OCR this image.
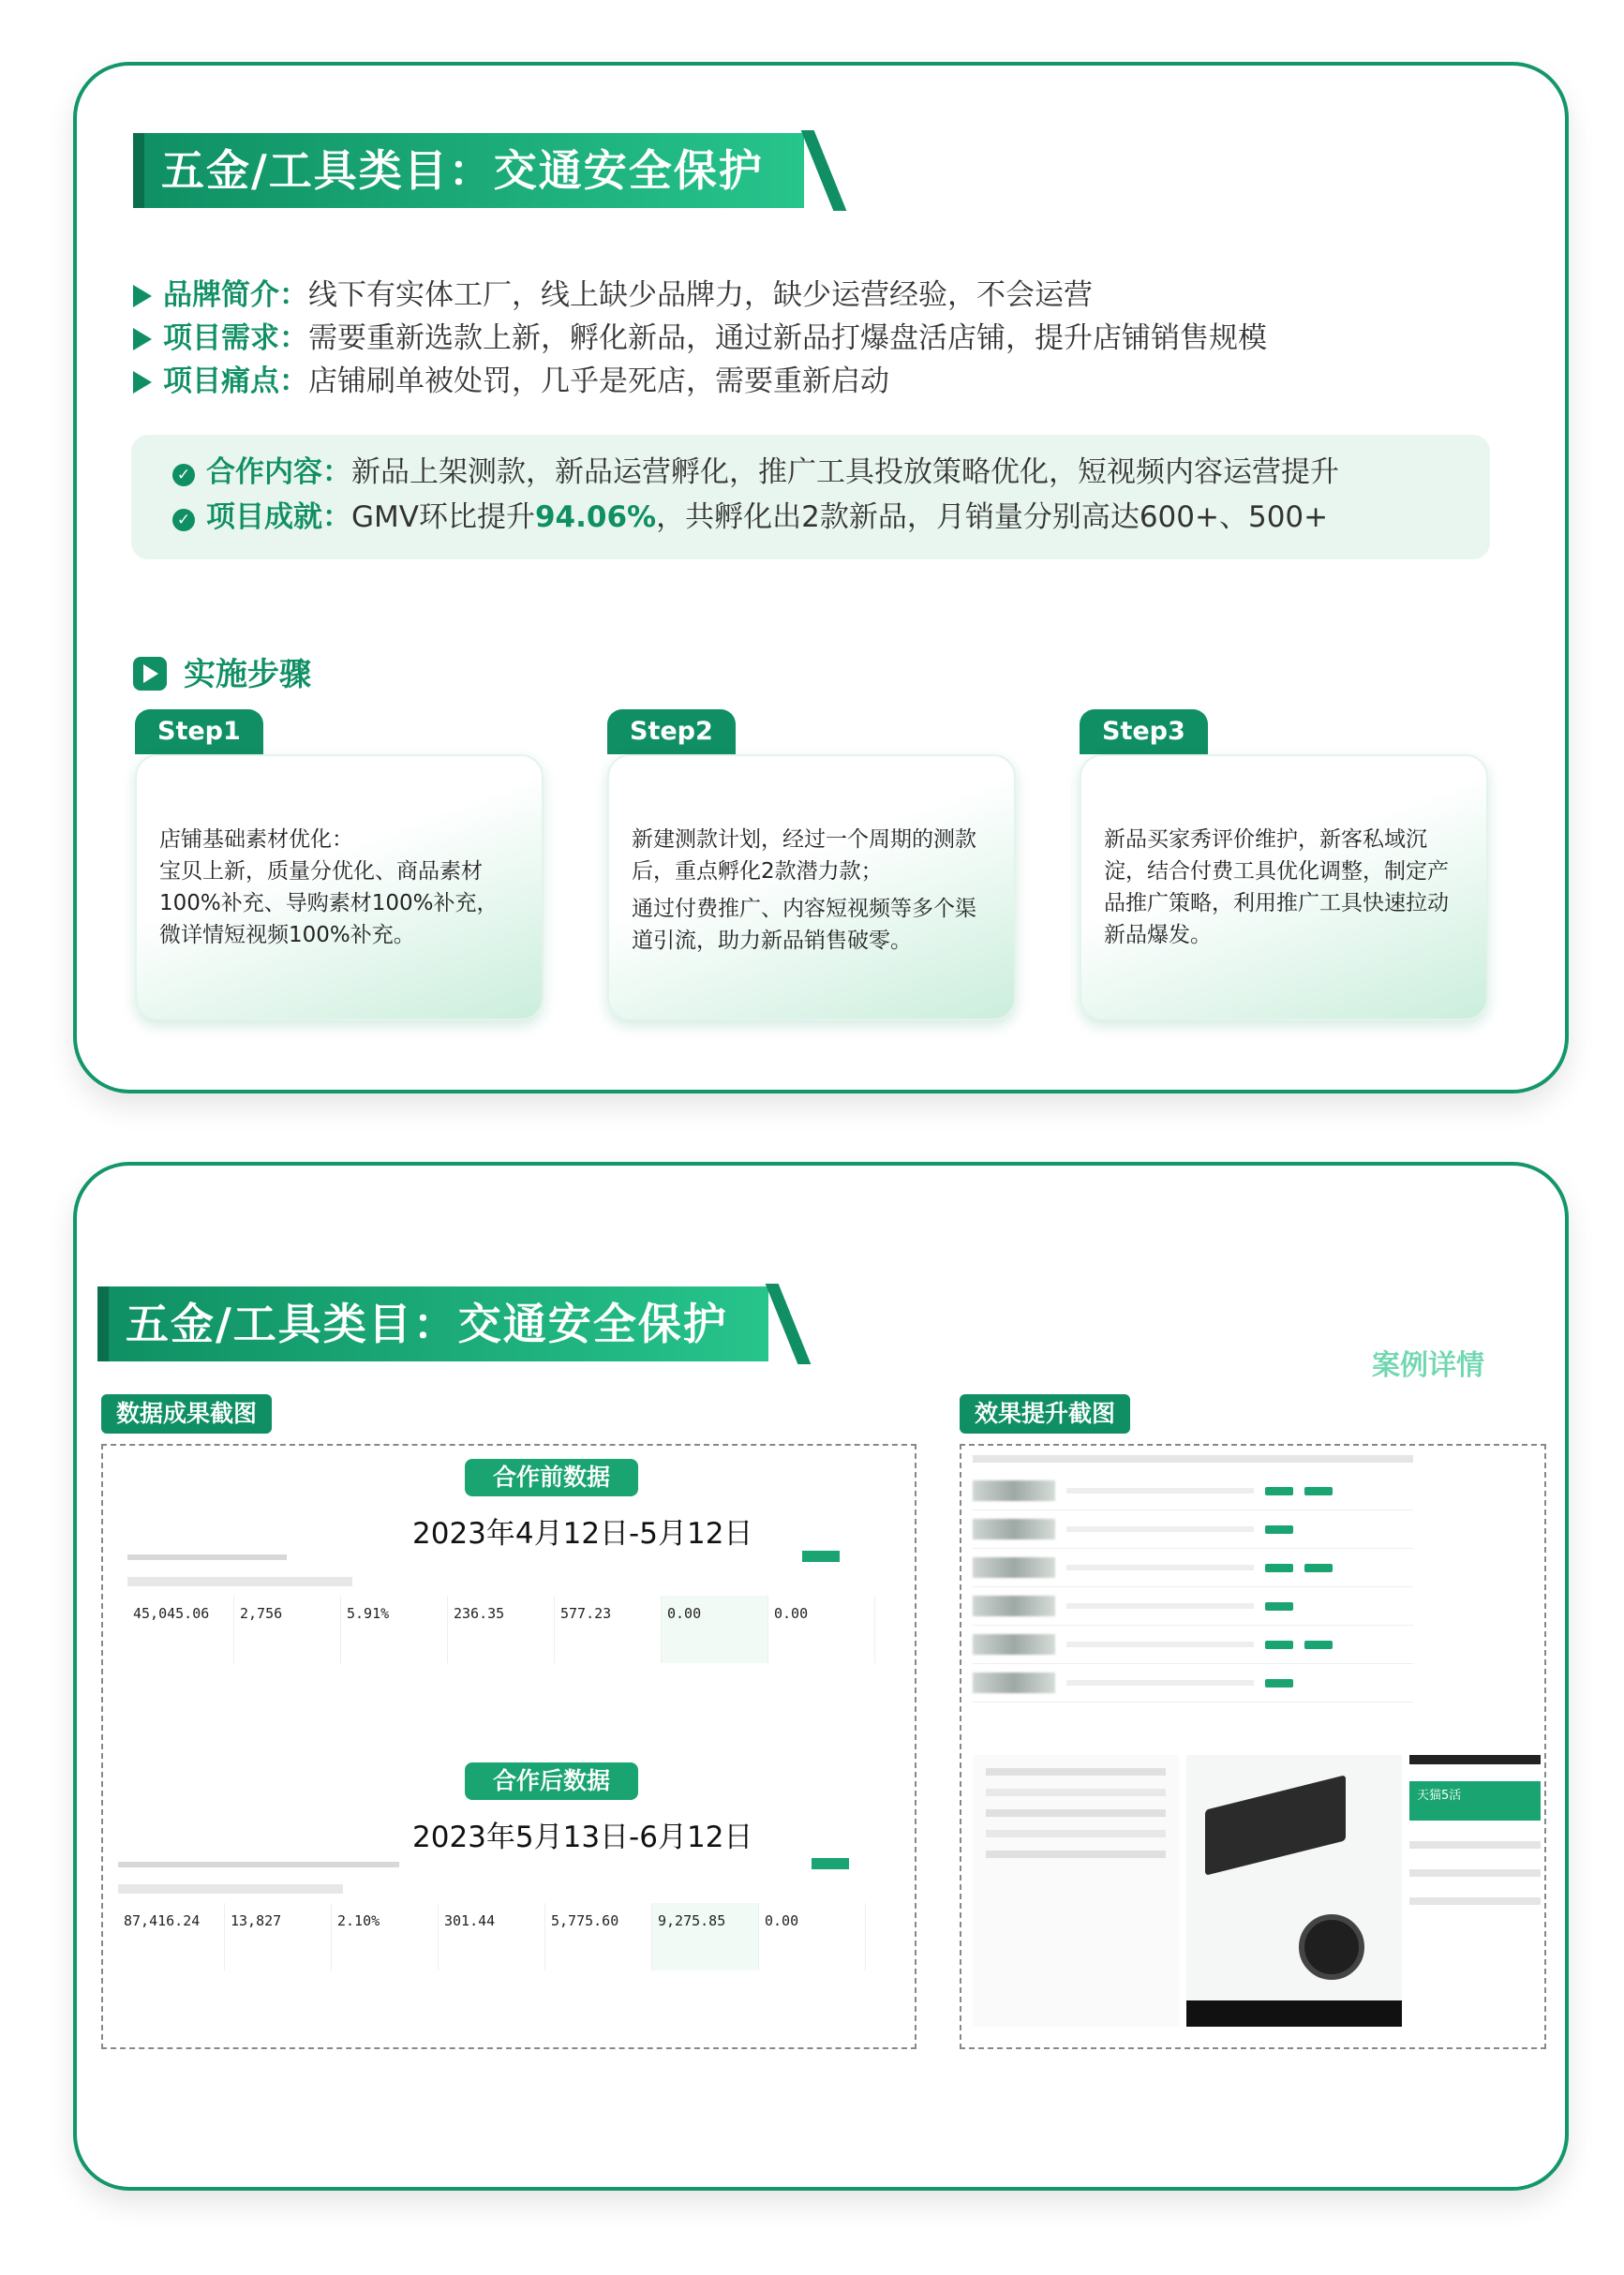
五金/工具类目：交通安全保护
品牌简介：线下有实体工厂，线上缺少品牌力，缺少运营经验，不会运营
项目需求：需要重新选款上新，孵化新品，通过新品打爆盘活店铺，提升店铺销售规模
项目痛点：店铺刷单被处罚，几乎是死店，需要重新启动
✓ 合作内容：新品上架测款，新品运营孵化，推广工具投放策略优化，短视频内容运营提升
✓ 项目成就：GMV环比提升94.06%，共孵化出2款新品，月销量分别高达600+、500+
实施步骤
Step1
店铺基础素材优化：
宝贝上新，质量分优化、商品素材100%补充、导购素材100%补充，微详情短视频100%补充。
Step2
新建测款计划，经过一个周期的测款后，重点孵化2款潜力款；
通过付费推广、内容短视频等多个渠道引流，助力新品销售破零。
Step3
新品买家秀评价维护，新客私域沉淀，结合付费工具优化调整，制定产品推广策略，利用推广工具快速拉动新品爆发。
五金/工具类目：交通安全保护
案例详情
数据成果截图	效果提升截图
合作前数据
2023年4月12日-5月12日
45,045.06	2,756	5.91%	236.35	577.23	0.00	0.00
合作后数据
2023年5月13日-6月12日
87,416.24	13,827	2.10%	301.44	5,775.60	9,275.85	0.00
天猫5活
